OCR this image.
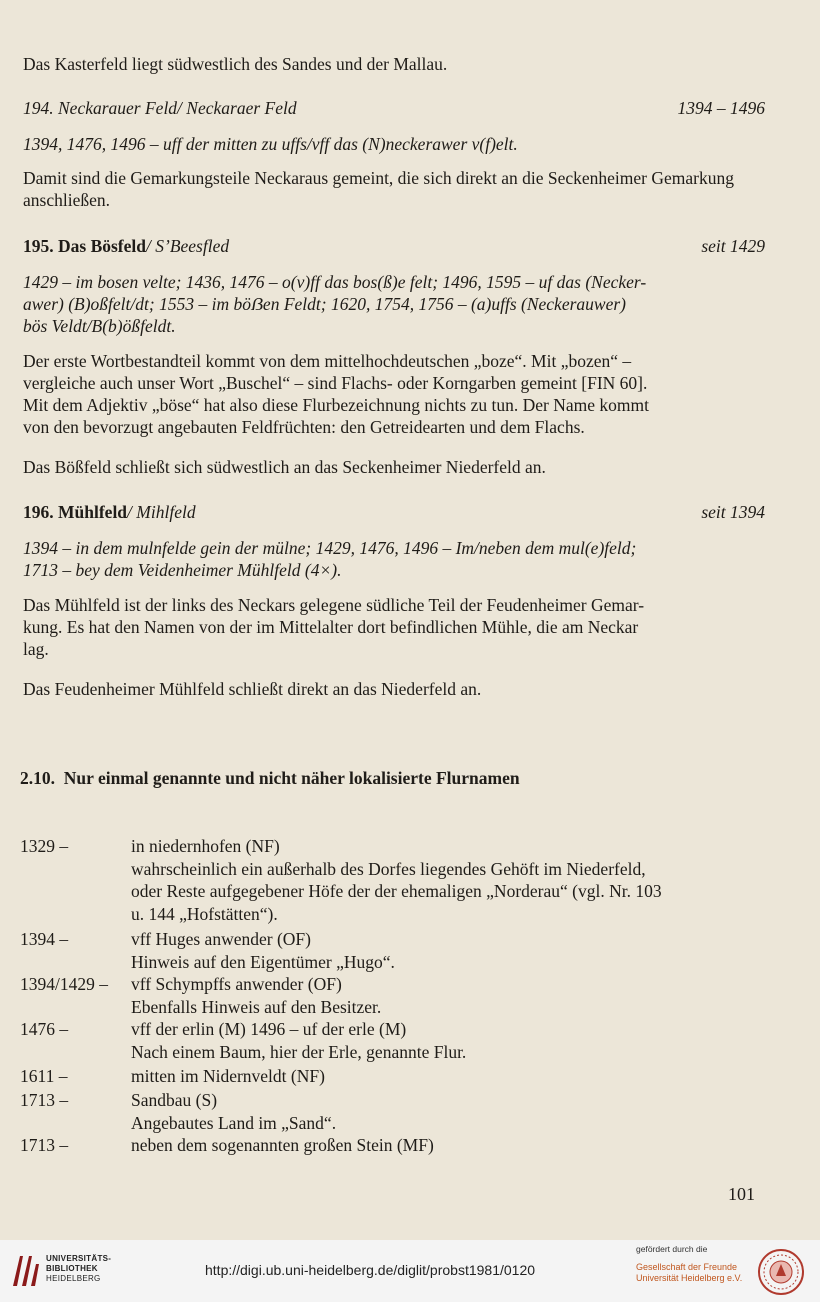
Das Kasterfeld liegt südwestlich des Sandes und der Mallau.

194. Neckarauer Feld/ Neckaraer Feld	1394 – 1496

1394, 1476, 1496 – uff der mitten zu uffs/vff das (N)neckerawer v(f)elt.

Damit sind die Gemarkungsteile Neckaraus gemeint, die sich direkt an die Seckenheimer Gemarkung anschließen.

195. Das Bösfeld/ S’Beesfled	seit 1429
1429 – im bosen velte; 1436, 1476 – o(v)ff das bos(ß)e felt; 1496, 1595 – uf das (Necker-
awer) (B)oßfelt/dt; 1553 – im böẞen Feldt; 1620, 1754, 1756 – (a)uffs (Neckerauwer)
bös Veldt/B(b)ößfeldt.
Der erste Wortbestandteil kommt von dem mittelhochdeutschen „boze“. Mit „bozen“ –
vergleiche auch unser Wort „Buschel“ – sind Flachs- oder Korngarben gemeint [FIN 60].
Mit dem Adjektiv „böse“ hat also diese Flurbezeichnung nichts zu tun. Der Name kommt
von den bevorzugt angebauten Feldfrüchten: den Getreidearten und dem Flachs.

Das Bößfeld schließt sich südwestlich an das Seckenheimer Niederfeld an.

196. Mühlfeld/ Mihlfeld	seit 1394
1394 – in dem mulnfelde gein der mülne; 1429, 1476, 1496 – Im/neben dem mul(e)feld;
1713 – bey dem Veidenheimer Mühlfeld (4×).
Das Mühlfeld ist der links des Neckars gelegene südliche Teil der Feudenheimer Gemar-
kung. Es hat den Namen von der im Mittelalter dort befindlichen Mühle, die am Neckar
lag.

Das Feudenheimer Mühlfeld schließt direkt an das Niederfeld an.

2.10. Nur einmal genannte und nicht näher lokalisierte Flurnamen
1329 –	in niedernhofen (NF)
wahrscheinlich ein außerhalb des Dorfes liegendes Gehöft im Niederfeld,
oder Reste aufgegebener Höfe der der ehemaligen „Norderau“ (vgl. Nr. 103
u. 144 „Hofstätten“).
1394 –	vff Huges anwender (OF)
Hinweis auf den Eigentümer „Hugo“.
1394/1429 – vff Schympffs anwender (OF)
Ebenfalls Hinweis auf den Besitzer.
1476 –	vff der erlin (M) 1496 – uf der erle (M)
Nach einem Baum, hier der Erle, genannte Flur.
1611 –	mitten im Nidernveldt (NF)
1713 –	Sandbau (S)
Angebautes Land im „Sand“.
1713 –	neben dem sogenannten großen Stein (MF)
101
UNIVERSITÄTS-
BIBLIOTHEK
HEIDELBERG
http://digi.ub.uni-heidelberg.de/diglit/probst1981/0120
gefördert durch die
Gesellschaft der Freunde
Universität Heidelberg e.V.
